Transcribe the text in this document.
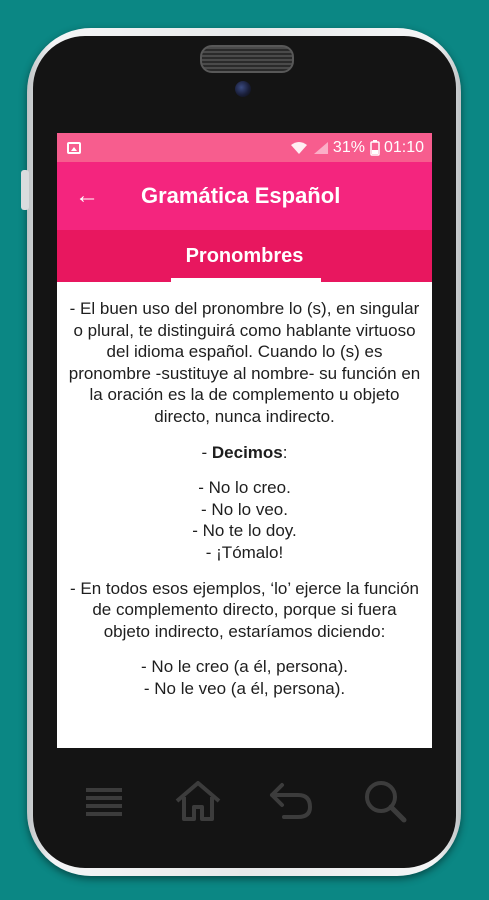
31% 01:10
←	Gramática Español
Pronombres

- El buen uso del pronombre lo (s), en singular o plural, te distinguirá como hablante virtuoso del idioma español. Cuando lo (s) es pronombre -sustituye al nombre- su función en la oración es la de complemento u objeto directo, nunca indirecto.

- Decimos:

- No lo creo.
- No lo veo.
- No te lo doy.
- ¡Tómalo!

- En todos esos ejemplos, ‘lo’ ejerce la función de complemento directo, porque si fuera objeto indirecto, estaríamos diciendo:

- No le creo (a él, persona).
- No le veo (a él, persona).
